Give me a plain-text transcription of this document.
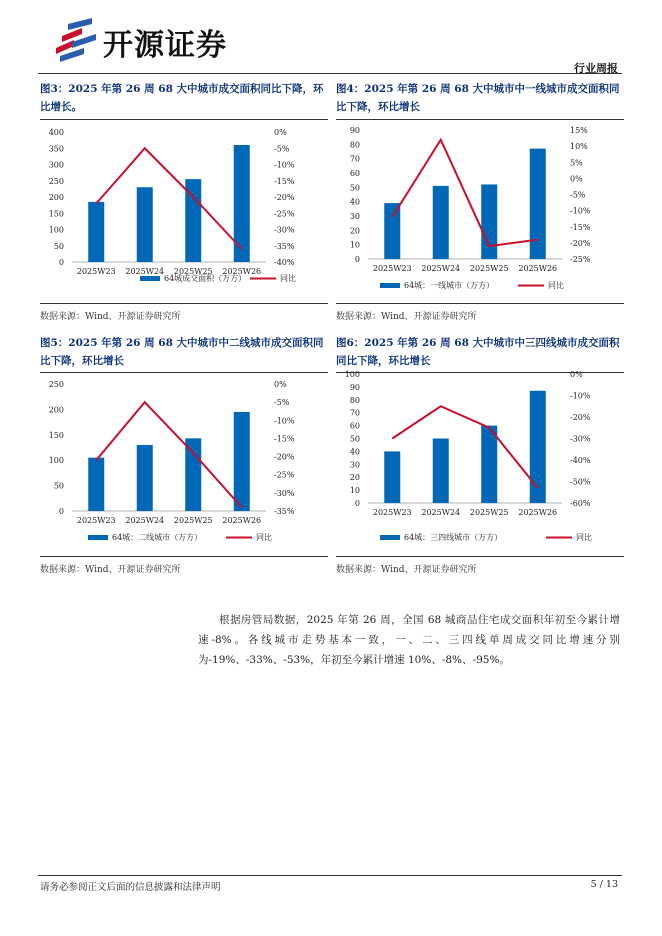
开源证券
行业周报
图3：2025 年第 26 周 68 大中城市成交面积同比下降，环比增长。
图4：2025 年第 26 周 68 大中城市中一线城市成交面积同比下降，环比增长
0
50
100
150
200
250
300
350
400	0%
-5%
-10%
-15%
-20%
-25%
-30%
-35%
-40%
2025W23 2025W24 2025W25 2025W26
64城成交面积（万方）	同比
0
10
20
30
40
50
60
70
80
90	15%
10%
5%
0%
-5%
-10%
-15%
-20%
-25%
2025W23 2025W24 2025W25 2025W26
64城：一线城市（万方）	同比
数据来源：Wind、开源证券研究所	数据来源：Wind、开源证券研究所
图5：2025 年第 26 周 68 大中城市中二线城市成交面积同比下降，环比增长
图6：2025 年第 26 周 68 大中城市中三四线城市成交面积同比下降，环比增长
0
50
100
150
200
250	0%
-5%
-10%
-15%
-20%
-25%
-30%
-35%
2025W23 2025W24 2025W25 2025W26
64城：二线城市（万方）	同比
0
10
20
30
40
50
60
70
80
90
100	0%
-10%
-20%
-30%
-40%
-50%
-60%
2025W23 2025W24 2025W25 2025W26
64城：三四线城市（万方）	同比
数据来源：Wind、开源证券研究所	数据来源：Wind、开源证券研究所
根据房管局数据，2025 年第 26 周，全国 68 城商品住宅成交面积年初至今累计增速-8%。各线城市走势基本一致，一、二、三四线单周成交同比增速分别为-19%、-33%、-53%，年初至今累计增速 10%、-8%、-95%。
请务必参阅正文后面的信息披露和法律声明	5 / 13
